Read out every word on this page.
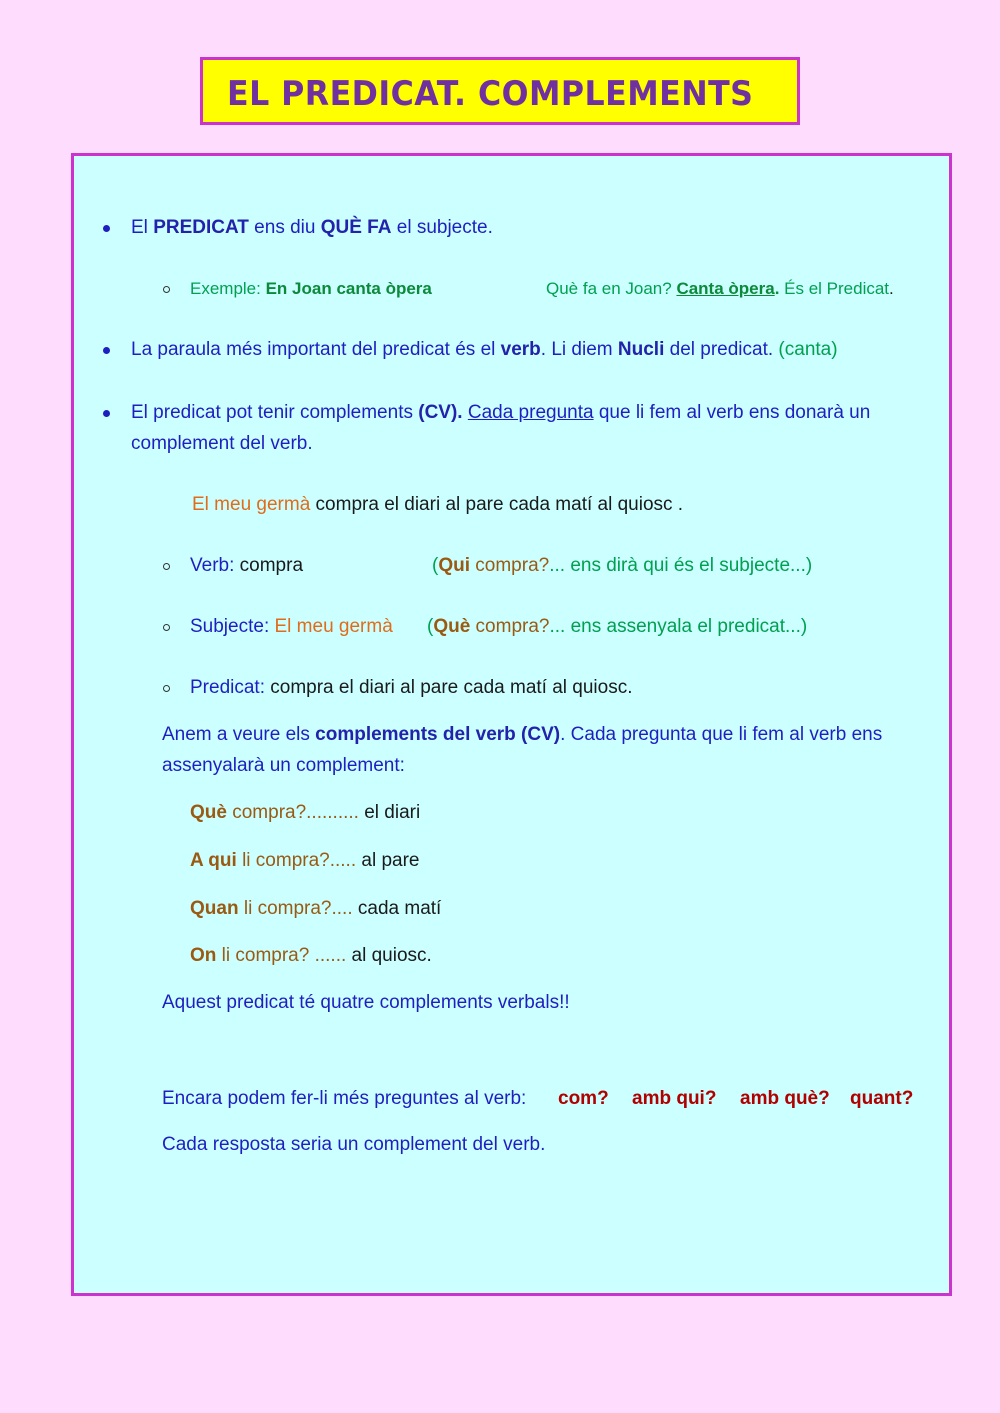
EL PREDICAT. COMPLEMENTS
El PREDICAT ens diu QUÈ FA el subjecte.
Exemple: En Joan canta òpera	Què fa en Joan? Canta òpera. És el Predicat.
La paraula més important del predicat és el verb. Li diem Nucli del predicat. (canta)
El predicat pot tenir complements (CV). Cada pregunta que li fem al verb ens donarà un
complement del verb.
El meu germà compra el diari al pare cada matí al quiosc .
Verb: compra	(Qui compra?... ens dirà qui és el subjecte...)
Subjecte: El meu germà (Què compra?... ens assenyala el predicat...)
Predicat: compra el diari al pare cada matí al quiosc.
Anem a veure els complements del verb (CV). Cada pregunta que li fem al verb ens
assenyalarà un complement:
Què compra?.......... el diari
A qui li compra?..... al pare
Quan li compra?.... cada matí
On li compra? ...... al quiosc.
Aquest predicat té quatre complements verbals!!
Encara podem fer-li més preguntes al verb: com? amb qui? amb què? quant?
Cada resposta seria un complement del verb.
